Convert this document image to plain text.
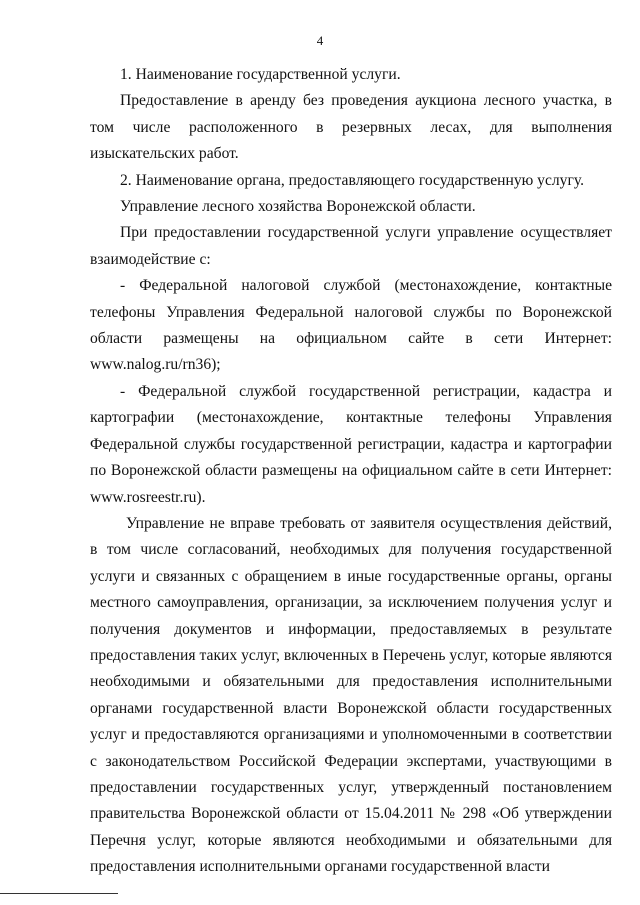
4

1. Наименование государственной услуги.

Предоставление в аренду без проведения аукциона лесного участка, в том числе расположенного в резервных лесах, для выполнения изыскательских работ.

2. Наименование органа, предоставляющего государственную услугу.

Управление лесного хозяйства Воронежской области.

При предоставлении государственной услуги управление осуществляет взаимодействие с:

- Федеральной налоговой службой (местонахождение, контактные телефоны Управления Федеральной налоговой службы по Воронежской области размещены на официальном сайте в сети Интернет: www.nalog.ru/rn36);

- Федеральной службой государственной регистрации, кадастра и картографии (местонахождение, контактные телефоны Управления Федеральной службы государственной регистрации, кадастра и картографии по Воронежской области размещены на официальном сайте в сети Интернет: www.rosreestr.ru).

Управление не вправе требовать от заявителя осуществления действий, в том числе согласований, необходимых для получения государственной услуги и связанных с обращением в иные государственные органы, органы местного самоуправления, организации, за исключением получения услуг и получения документов и информации, предоставляемых в результате предоставления таких услуг, включенных в Перечень услуг, которые являются необходимыми и обязательными для предоставления исполнительными органами государственной власти Воронежской области государственных услуг и предоставляются организациями и уполномоченными в соответствии с законодательством Российской Федерации экспертами, участвующими в предоставлении государственных услуг, утвержденный постановлением правительства Воронежской области от 15.04.2011 № 298 «Об утверждении Перечня услуг, которые являются необходимыми и обязательными для предоставления исполнительными органами государственной власти
